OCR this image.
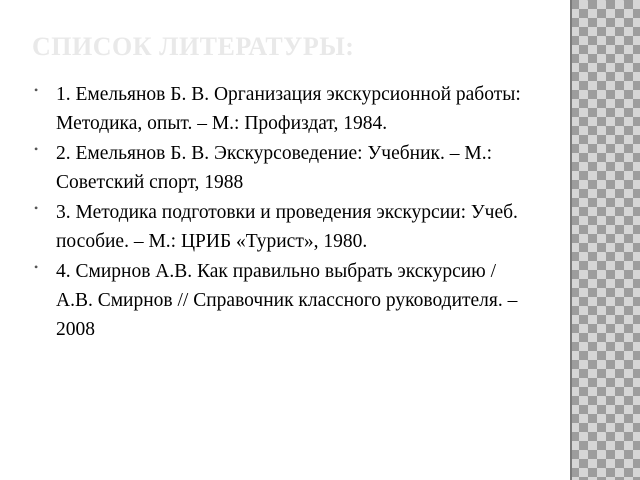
СПИСОК ЛИТЕРАТУРЫ:
• 1. Емельянов Б. В. Организация экскурсионной работы: Методика, опыт. – М.: Профиздат, 1984.
• 2. Емельянов Б. В. Экскурсоведение: Учебник. – М.: Советский спорт, 1988
• 3. Методика подготовки и проведения экскурсии: Учеб. пособие. – М.: ЦРИБ «Турист», 1980.
• 4. Смирнов А.В. Как правильно выбрать экскурсию / А.В. Смирнов // Справочник классного руководителя. – 2008
